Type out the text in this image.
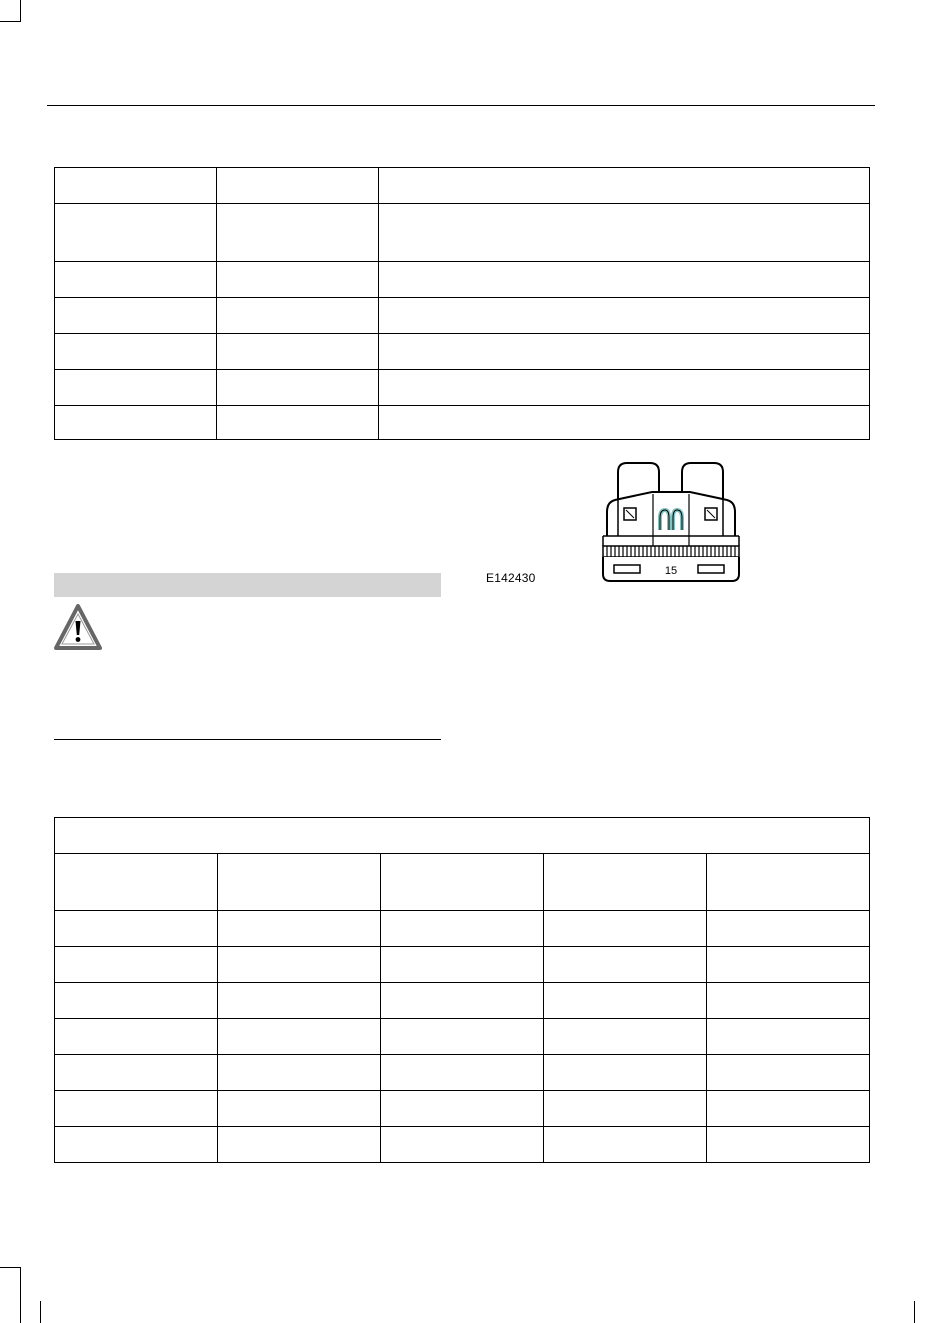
E142430	15
